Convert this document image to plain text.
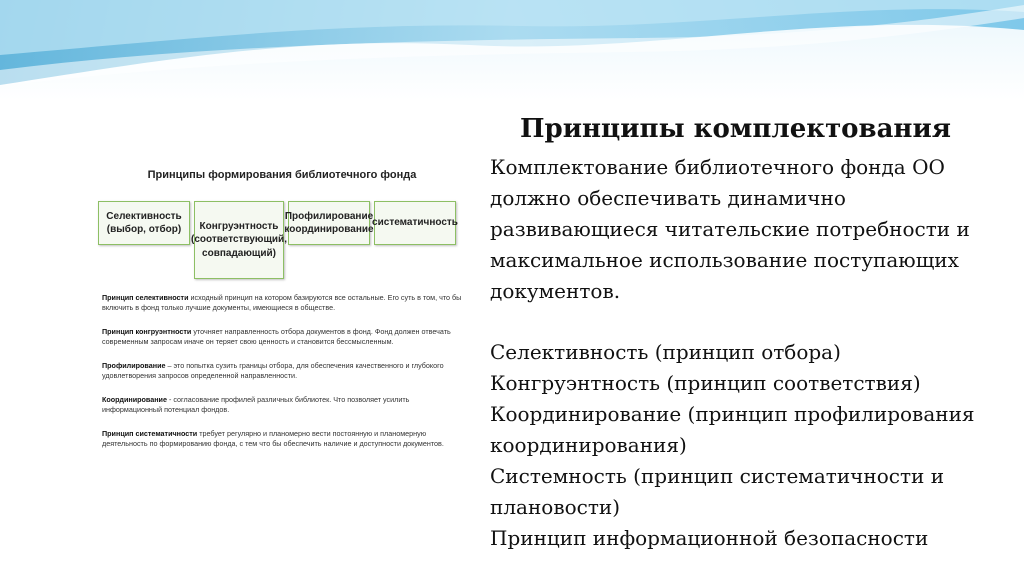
Принципы формирования библиотечного фонда
Селективность (выбор, отбор)	Конгруэнтность (соответствующий, совпадающий)
Профилирование координирование
систематичность
Принцип селективности исходный принцип на котором базируются все остальные. Его суть в том, что бы включить в фонд только лучшие документы, имеющиеся в обществе.
Принцип конгруэнтности уточняет направленность отбора документов в фонд. Фонд должен отвечать современным запросам иначе он теряет свою ценность и становится бессмысленным.
Профилирование – это попытка сузить границы отбора, для обеспечения качественного и глубокого удовлетворения запросов определенной направленности.
Координирование - согласование профилей различных библиотек. Что позволяет усилить информационный потенциал фондов.
Принцип систематичности требует регулярно и планомерно вести постоянную и планомерную деятельность по формированию фонда, с тем что бы обеспечить наличие и доступности документов.
Принципы комплектования

Комплектование библиотечного фонда ОО должно обеспечивать динамично развивающиеся читательские потребности и максимальное использование поступающих документов.

Селективность (принцип отбора)
Конгруэнтность (принцип соответствия)
Координирование (принцип профилирования координирования)
Системность (принцип систематичности и плановости)
Принцип информационной безопасности
